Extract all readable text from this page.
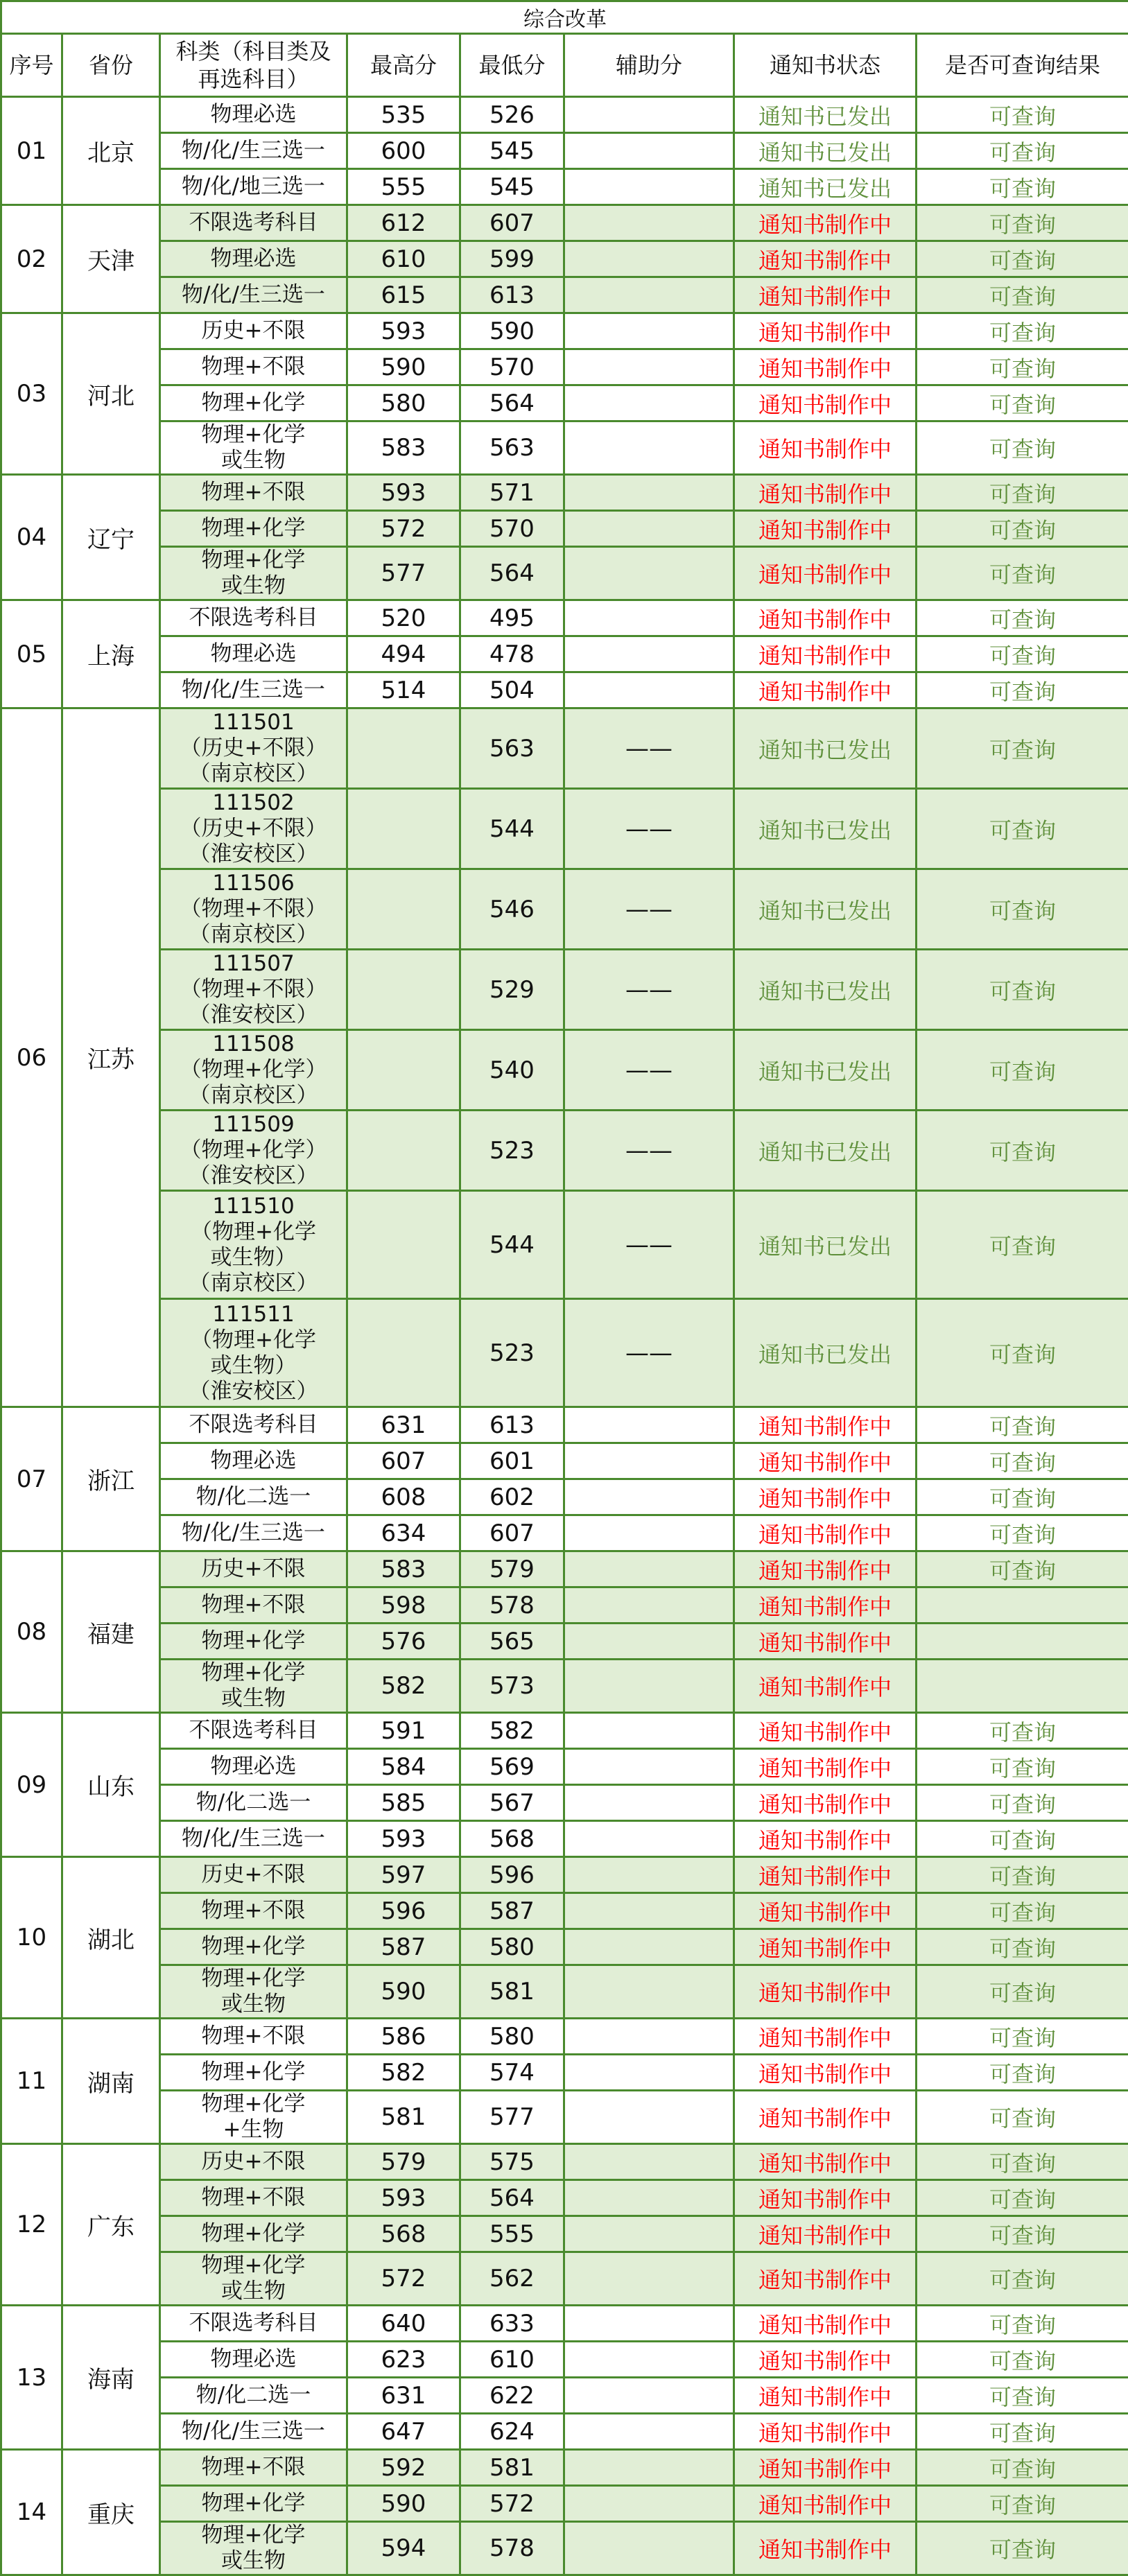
综合改革							
序号	省份	科类（科目类及
再选科目）	最高分	最低分	辅助分	通知书状态	是否可查询结果
01	北京	物理必选	535	526		通知书已发出	可查询
		物/化/生三选一	600	545		通知书已发出	可查询
		物/化/地三选一	555	545		通知书已发出	可查询
02	天津	不限选考科目	612	607		通知书制作中	可查询
		物理必选	610	599		通知书制作中	可查询
		物/化/生三选一	615	613		通知书制作中	可查询
03	河北	历史+不限	593	590		通知书制作中	可查询
		物理+不限	590	570		通知书制作中	可查询
		物理+化学	580	564		通知书制作中	可查询
		物理+化学
或生物	583	563		通知书制作中	可查询
04	辽宁	物理+不限	593	571		通知书制作中	可查询
		物理+化学	572	570		通知书制作中	可查询
		物理+化学
或生物	577	564		通知书制作中	可查询
05	上海	不限选考科目	520	495		通知书制作中	可查询
		物理必选	494	478		通知书制作中	可查询
		物/化/生三选一	514	504		通知书制作中	可查询
06	江苏	111501
（历史+不限）
（南京校区）		563	——	通知书已发出	可查询
		111502
（历史+不限）
（淮安校区）		544	——	通知书已发出	可查询
		111506
（物理+不限）
（南京校区）		546	——	通知书已发出	可查询
		111507
（物理+不限）
（淮安校区）		529	——	通知书已发出	可查询
		111508
（物理+化学）
（南京校区）		540	——	通知书已发出	可查询
		111509
（物理+化学）
（淮安校区）		523	——	通知书已发出	可查询
		111510
（物理+化学
或生物）
（南京校区）		544	——	通知书已发出	可查询
		111511
（物理+化学
或生物）
（淮安校区）		523	——	通知书已发出	可查询
07	浙江	不限选考科目	631	613		通知书制作中	可查询
		物理必选	607	601		通知书制作中	可查询
		物/化二选一	608	602		通知书制作中	可查询
		物/化/生三选一	634	607		通知书制作中	可查询
08	福建	历史+不限	583	579		通知书制作中	可查询
		物理+不限	598	578		通知书制作中	
		物理+化学	576	565		通知书制作中	
		物理+化学
或生物	582	573		通知书制作中	
09	山东	不限选考科目	591	582		通知书制作中	可查询
		物理必选	584	569		通知书制作中	可查询
		物/化二选一	585	567		通知书制作中	可查询
		物/化/生三选一	593	568		通知书制作中	可查询
10	湖北	历史+不限	597	596		通知书制作中	可查询
		物理+不限	596	587		通知书制作中	可查询
		物理+化学	587	580		通知书制作中	可查询
		物理+化学
或生物	590	581		通知书制作中	可查询
11	湖南	物理+不限	586	580		通知书制作中	可查询
		物理+化学	582	574		通知书制作中	可查询
		物理+化学
+生物	581	577		通知书制作中	可查询
12	广东	历史+不限	579	575		通知书制作中	可查询
		物理+不限	593	564		通知书制作中	可查询
		物理+化学	568	555		通知书制作中	可查询
		物理+化学
或生物	572	562		通知书制作中	可查询
13	海南	不限选考科目	640	633		通知书制作中	可查询
		物理必选	623	610		通知书制作中	可查询
		物/化二选一	631	622		通知书制作中	可查询
		物/化/生三选一	647	624		通知书制作中	可查询
14	重庆	物理+不限	592	581		通知书制作中	可查询
		物理+化学	590	572		通知书制作中	可查询
		物理+化学
或生物	594	578		通知书制作中	可查询
